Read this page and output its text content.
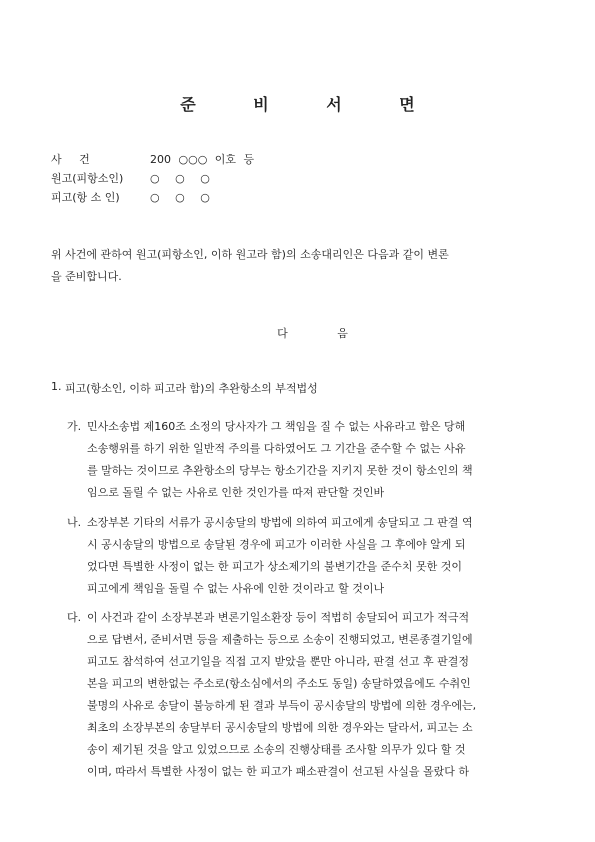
준 비 서 면
사 건	200 ○○○ 이호 등
원고(피항소인)	○ ○ ○
피고(항 소 인)	○ ○ ○
위 사건에 관하여 원고(피항소인, 이하 원고라 함)의 소송대리인은 다음과 같이 변론
을 준비합니다.
다 음
1. 피고(항소인, 이하 피고라 함)의 추완항소의 부적법성
가. 민사소송법 제160조 소정의 당사자가 그 책임을 질 수 없는 사유라고 함은 당해
소송행위를 하기 위한 일반적 주의를 다하였어도 그 기간을 준수할 수 없는 사유
를 말하는 것이므로 추완항소의 당부는 항소기간을 지키지 못한 것이 항소인의 책
임으로 돌릴 수 없는 사유로 인한 것인가를 따져 판단할 것인바
나. 소장부본 기타의 서류가 공시송달의 방법에 의하여 피고에게 송달되고 그 판결 역
시 공시송달의 방법으로 송달된 경우에 피고가 이러한 사실을 그 후에야 알게 되
었다면 특별한 사정이 없는 한 피고가 상소제기의 불변기간을 준수치 못한 것이
피고에게 책임을 돌릴 수 없는 사유에 인한 것이라고 할 것이나
다. 이 사건과 같이 소장부본과 변론기일소환장 등이 적법히 송달되어 피고가 적극적
으로 답변서, 준비서면 등을 제출하는 등으로 소송이 진행되었고, 변론종결기일에
피고도 참석하여 선고기일을 직접 고지 받았을 뿐만 아니라, 판결 선고 후 판결정
본을 피고의 변한없는 주소로(항소심에서의 주소도 동일) 송달하였음에도 수취인
불명의 사유로 송달이 불능하게 된 결과 부득이 공시송달의 방법에 의한 경우에는,
최초의 소장부본의 송달부터 공시송달의 방법에 의한 경우와는 달라서, 피고는 소
송이 제기된 것을 알고 있었으므로 소송의 진행상태를 조사할 의무가 있다 할 것
이며, 따라서 특별한 사정이 없는 한 피고가 패소판결이 선고된 사실을 몰랐다 하
